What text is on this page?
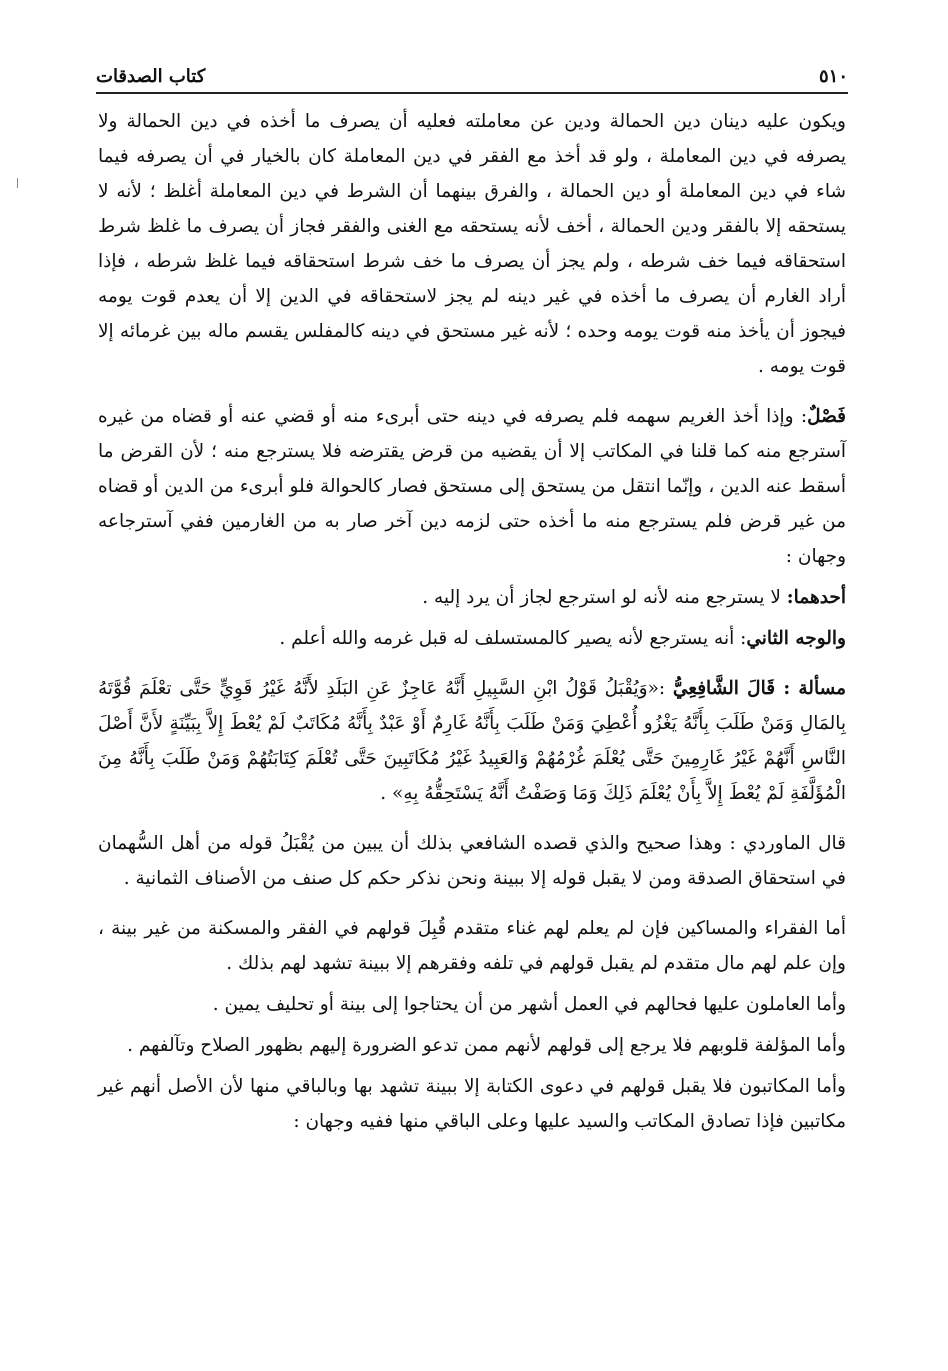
٥١٠
كتاب الصدقات

ويكون عليه دينان دين الحمالة ودين عن معاملته فعليه أن يصرف ما أخذه في دين الحمالة ولا يصرفه في دين المعاملة ، ولو قد أخذ مع الفقر في دين المعاملة كان بالخيار في أن يصرفه فيما شاء في دين المعاملة أو دين الحمالة ، والفرق بينهما أن الشرط في دين المعاملة أغلظ ؛ لأنه لا يستحقه إلا بالفقر ودين الحمالة ، أخف لأنه يستحقه مع الغنى والفقر فجاز أن يصرف ما غلظ شرط استحقاقه فيما خف شرطه ، ولم يجز أن يصرف ما خف شرط استحقاقه فيما غلظ شرطه ، فإذا أراد الغارم أن يصرف ما أخذه في غير دينه لم يجز لاستحقاقه في الدين إلا أن يعدم قوت يومه فيجوز أن يأخذ منه قوت يومه وحده ؛ لأنه غير مستحق في دينه كالمفلس يقسم ماله بين غرمائه إلا قوت يومه .

فَصْلٌ: وإذا أخذ الغريم سهمه فلم يصرفه في دينه حتى أبرىء منه أو قضي عنه أو قضاه من غيره آسترجع منه كما قلنا في المكاتب إلا أن يقضيه من قرض يقترضه فلا يسترجع منه ؛ لأن القرض ما أسقط عنه الدين ، وإنّما انتقل من يستحق إلى مستحق فصار كالحوالة فلو أبرىء من الدين أو قضاه من غير قرض فلم يسترجع منه ما أخذه حتى لزمه دين آخر صار به من الغارمين ففي آسترجاعه وجهان :

أحدهما: لا يسترجع منه لأنه لو استرجع لجاز أن يرد إليه .

والوجه الثاني: أنه يسترجع لأنه يصير كالمستسلف له قبل غرمه والله أعلم .

مسألة : قَالَ الشَّافِعِيُّ :«وَيُقْبَلُ قَوْلُ ابْنِ السَّبِيلِ أَنَّهُ عَاجِزٌ عَنِ البَلَدِ لأَنَّهُ غَيْرُ قَوِيٍّ حَتَّى تعْلَمَ قُوَّتَهُ بِالمَالِ وَمَنْ طَلَبَ بِأَنَّهُ يَغْزُو أُعْطِيَ وَمَنْ طَلَبَ بِأَنَّهُ غَارِمٌ أَوْ عَبْدٌ بِأَنَّهُ مُكَاتَبٌ لَمْ يُعْطَ إِلاَّ بِبَيِّنَةٍ لأَنَّ أَصْلَ النَّاسِ أَنَّهُمْ غَيْرُ غَارِمِينَ حَتَّى يُعْلَمَ غُرْمُهُمْ وَالعَبِيدُ غَيْرُ مُكَاتَبِينَ حَتَّى تُعْلَمَ كِتَابَتُهُمْ وَمَنْ طَلَبَ بِأَنَّهُ مِنَ الْمُؤَلَّفَةِ لَمْ يُعْطَ إِلاَّ بِأَنْ يُعْلَمَ ذَلِكَ وَمَا وَصَفْتُ أَنَّهُ يَسْتَحِقُّهُ بِهِ» .

قال الماوردي : وهذا صحيح والذي قصده الشافعي بذلك أن يبين من يُقْبَلُ قوله من أهل السُّهمان في استحقاق الصدقة ومن لا يقبل قوله إلا ببينة ونحن نذكر حكم كل صنف من الأصناف الثمانية .

أما الفقراء والمساكين فإن لم يعلم لهم غناء متقدم قُبِلَ قولهم في الفقر والمسكنة من غير بينة ، وإن علم لهم مال متقدم لم يقبل قولهم في تلفه وفقرهم إلا ببينة تشهد لهم بذلك .

وأما العاملون عليها فحالهم في العمل أشهر من أن يحتاجوا إلى بينة أو تحليف يمين .

وأما المؤلفة قلوبهم فلا يرجع إلى قولهم لأنهم ممن تدعو الضرورة إليهم بظهور الصلاح وتآلفهم .

وأما المكاتبون فلا يقبل قولهم في دعوى الكتابة إلا ببينة تشهد بها وبالباقي منها لأن الأصل أنهم غير مكاتبين فإذا تصادق المكاتب والسيد عليها وعلى الباقي منها ففيه وجهان :
